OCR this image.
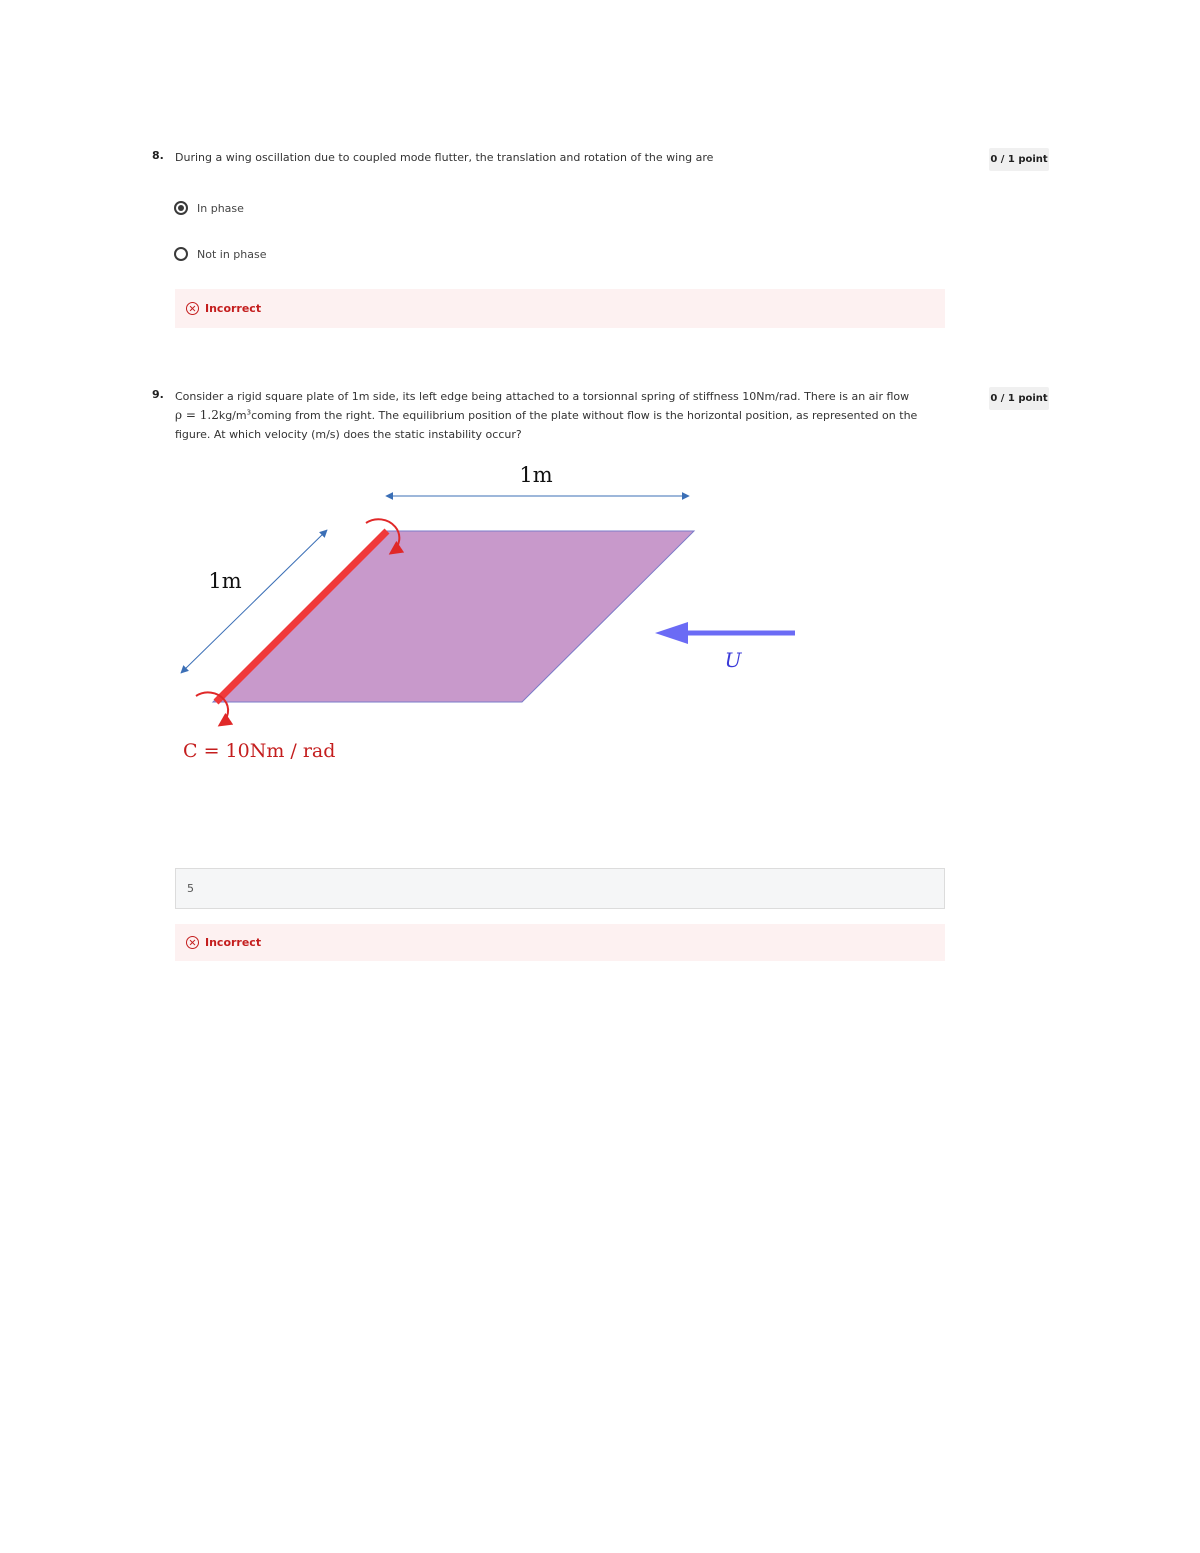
8. During a wing oscillation due to coupled mode flutter, the translation and rotation of the wing are	0 / 1 point
In phase
Not in phase
Incorrect
9. Consider a rigid square plate of 1m side, its left edge being attached to a torsionnal spring of stiffness 10Nm/rad. There is an air flow
$\rho = 1.2kg/m^3coming$ from the right. The equilibrium position of the plate without flow is the horizontal position, as represented on the
figure. At which velocity (m/s) does the static instability occur?
0 / 1 point
1m
1m
U
C = 10Nm / rad
5
Incorrect
